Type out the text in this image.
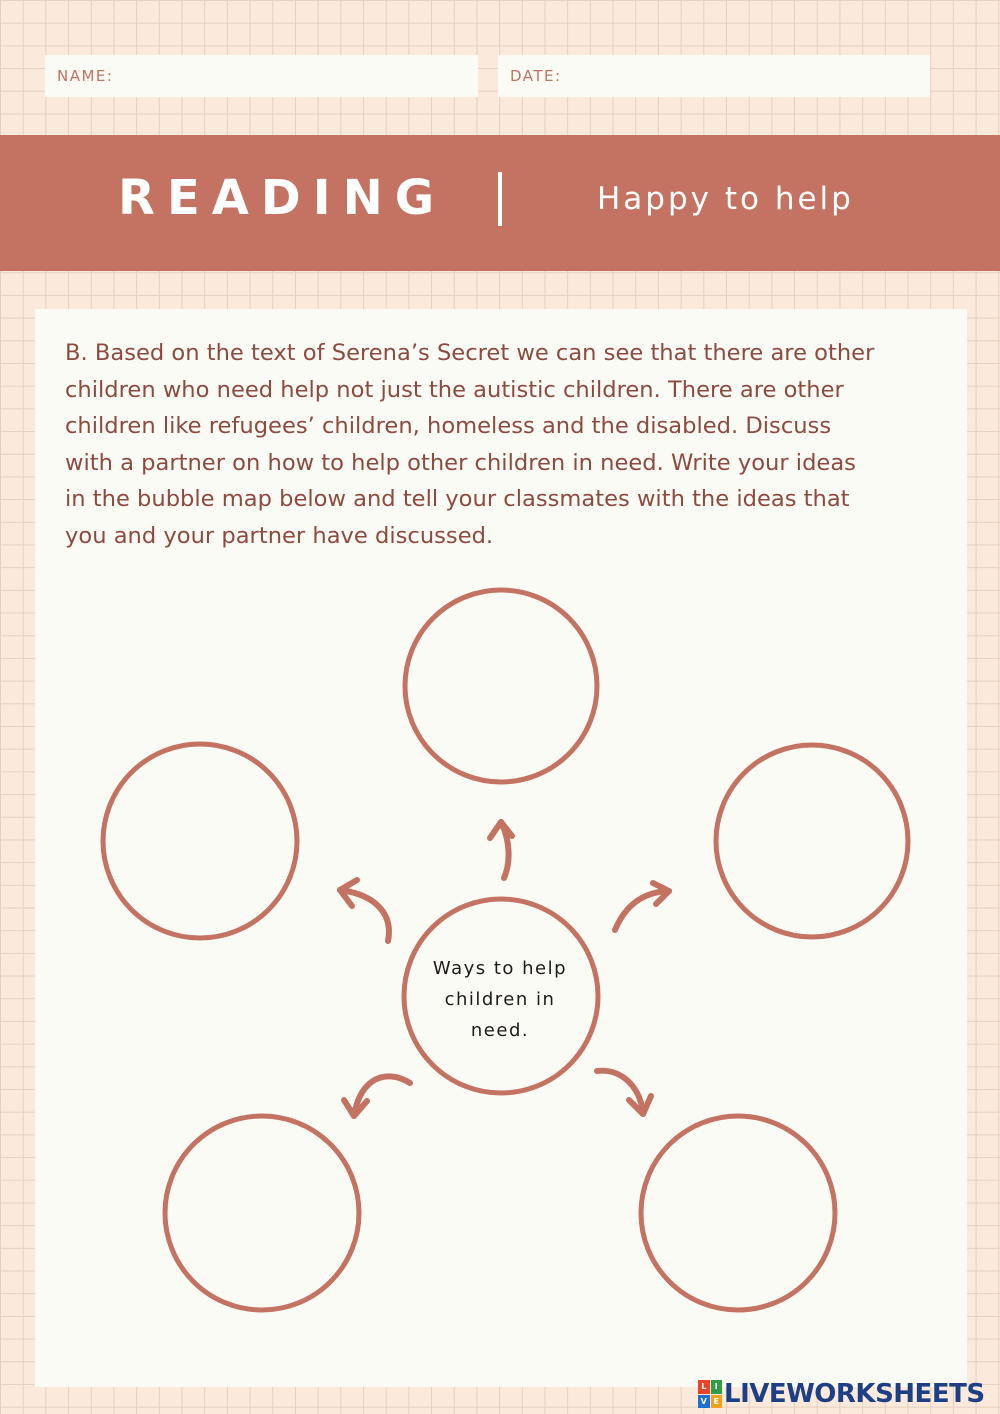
NAME:	DATE:
READING	Happy to help

B. Based on the text of Serena’s Secret we can see that there are other
children who need help not just the autistic children. There are other
children like refugees’ children, homeless and the disabled. Discuss
with a partner on how to help other children in need. Write your ideas
in the bubble map below and tell your classmates with the ideas that
you and your partner have discussed.

Ways to help
children in
need.
L	I
V E LIVEWORKSHEETS
